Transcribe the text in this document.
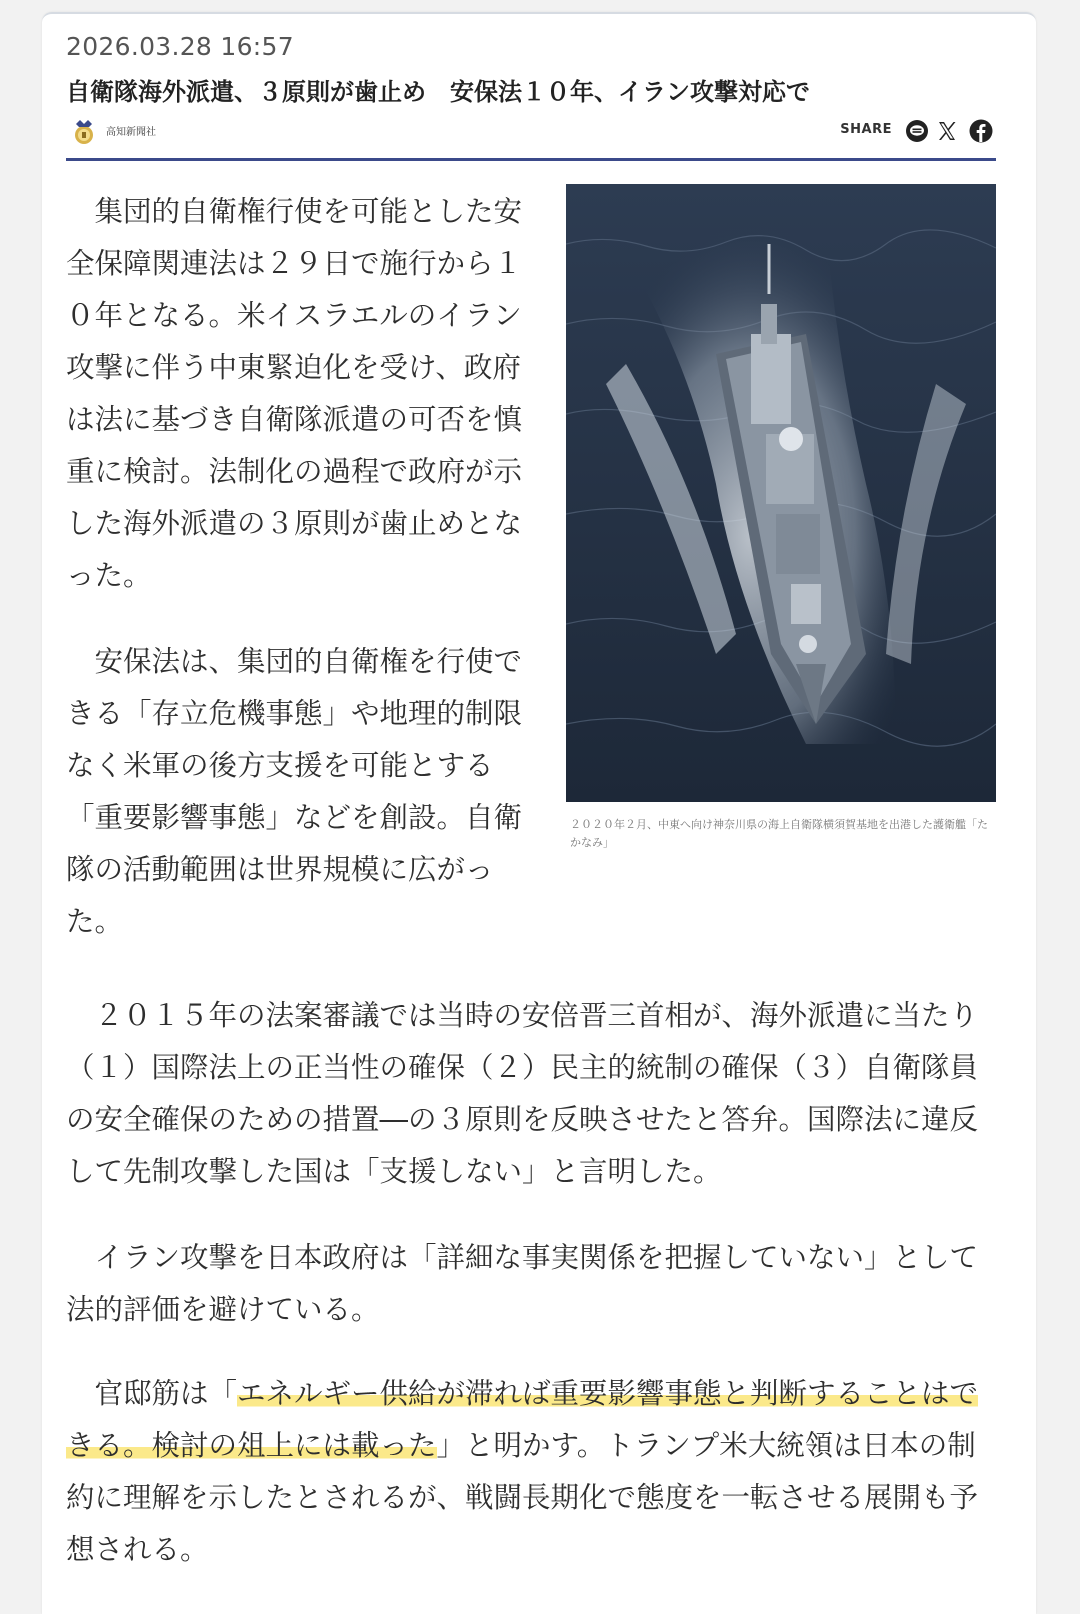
2026.03.28 16:57
自衛隊海外派遣、３原則が歯止め　安保法１０年、イラン攻撃対応で
高知新聞社	SHARE
　集団的自衛権行使を可能とした安全保障関連法は２９日で施行から１０年となる。米イスラエルのイラン攻撃に伴う中東緊迫化を受け、政府は法に基づき自衛隊派遣の可否を慎重に検討。法制化の過程で政府が示した海外派遣の３原則が歯止めとなった。
２０２０年２月、中東へ向け神奈川県の海上自衛隊横須賀基地を出港した護衛艦「たかなみ」
　安保法は、集団的自衛権を行使できる「存立危機事態」や地理的制限なく米軍の後方支援を可能とする「重要影響事態」などを創設。自衛隊の活動範囲は世界規模に広がった。
　２０１５年の法案審議では当時の安倍晋三首相が、海外派遣に当たり（１）国際法上の正当性の確保（２）民主的統制の確保（３）自衛隊員の安全確保のための措置―の３原則を反映させたと答弁。国際法に違反して先制攻撃した国は「支援しない」と言明した。
　イラン攻撃を日本政府は「詳細な事実関係を把握していない」として法的評価を避けている。
　官邸筋は「エネルギー供給が滞れば重要影響事態と判断することはできる。検討の俎上には載った」と明かす。トランプ米大統領は日本の制約に理解を示したとされるが、戦闘長期化で態度を一転させる展開も予想される。
